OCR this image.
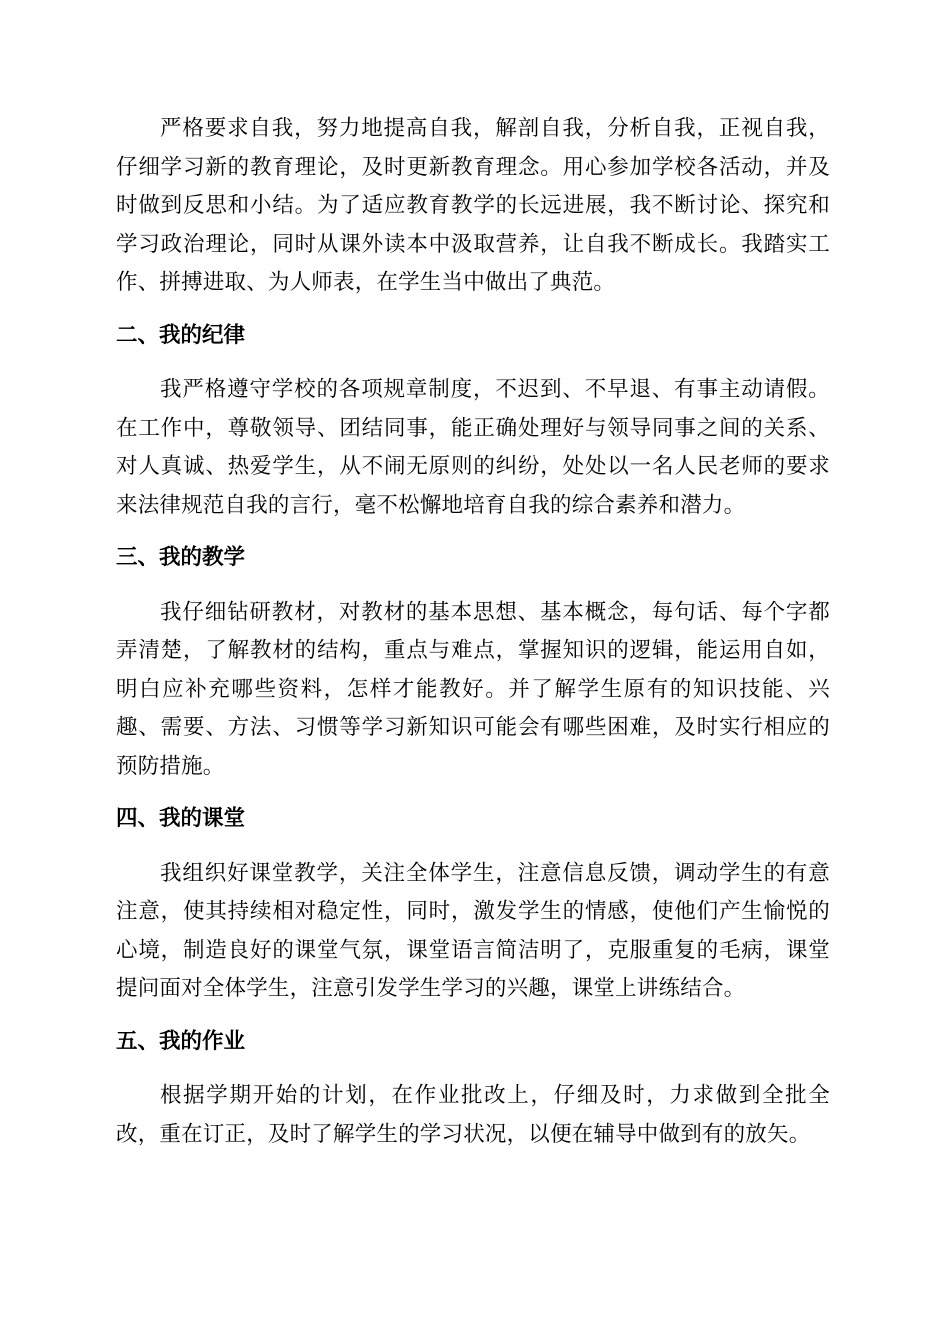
严格要求自我，努力地提高自我，解剖自我，分析自我，正视自我，仔细学习新的教育理论，及时更新教育理念。用心参加学校各活动，并及时做到反思和小结。为了适应教育教学的长远进展，我不断讨论、探究和学习政治理论，同时从课外读本中汲取营养，让自我不断成长。我踏实工作、拼搏进取、为人师表，在学生当中做出了典范。

二、我的纪律

我严格遵守学校的各项规章制度，不迟到、不早退、有事主动请假。在工作中，尊敬领导、团结同事，能正确处理好与领导同事之间的关系、对人真诚、热爱学生，从不闹无原则的纠纷，处处以一名人民老师的要求来法律规范自我的言行，毫不松懈地培育自我的综合素养和潜力。

三、我的教学

我仔细钻研教材，对教材的基本思想、基本概念，每句话、每个字都弄清楚，了解教材的结构，重点与难点，掌握知识的逻辑，能运用自如，明白应补充哪些资料，怎样才能教好。并了解学生原有的知识技能、兴趣、需要、方法、习惯等学习新知识可能会有哪些困难，及时实行相应的预防措施。

四、我的课堂

我组织好课堂教学，关注全体学生，注意信息反馈，调动学生的有意注意，使其持续相对稳定性，同时，激发学生的情感，使他们产生愉悦的心境，制造良好的课堂气氛，课堂语言简洁明了，克服重复的毛病，课堂提问面对全体学生，注意引发学生学习的兴趣，课堂上讲练结合。

五、我的作业

根据学期开始的计划，在作业批改上，仔细及时，力求做到全批全改，重在订正，及时了解学生的学习状况，以便在辅导中做到有的放矢。
